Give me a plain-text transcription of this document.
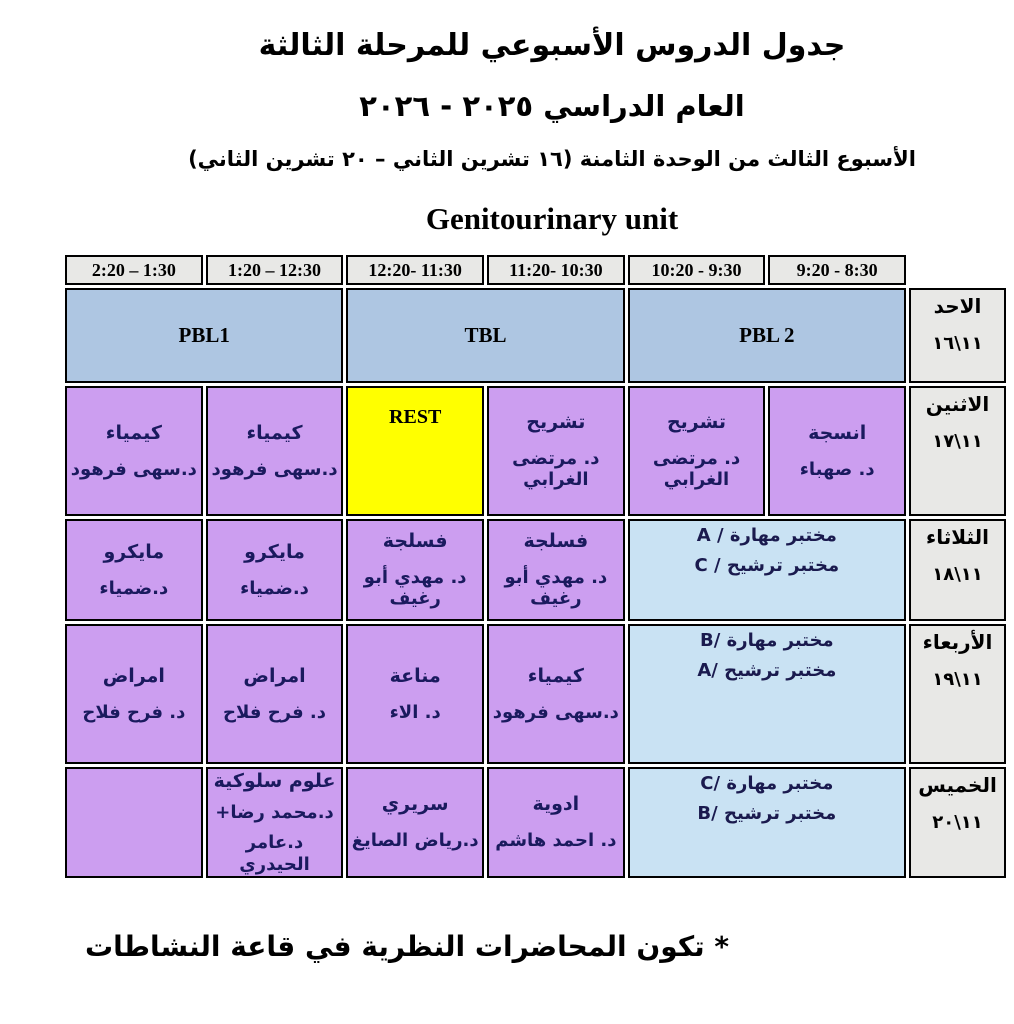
جدول الدروس الأسبوعي للمرحلة الثالثة
العام الدراسي ٢٠٢٥ - ٢٠٢٦
الأسبوع الثالث من الوحدة الثامنة (١٦ تشرين الثاني – ٢٠ تشرين الثاني)
Genitourinary unit
9:20 - 8:30
10:20 - 9:30
11:20- 10:30
12:20- 11:30
1:20 – 12:30
2:20 – 1:30
الاحد
١١\١٦
PBL 2
TBL
PBL1
الاثنين
١١\١٧
انسجة
د. صهباء
تشريح
د. مرتضى الغرابي
تشريح
د. مرتضى الغرابي
REST
كيمياء
د.سهى فرهود
كيمياء
د.سهى فرهود
الثلاثاء
١١\١٨
مختبر مهارة / A
مختبر ترشيح / C
فسلجة
د. مهدي أبو رغيف
فسلجة
د. مهدي أبو رغيف
مايكرو
د.ضمياء
مايكرو
د.ضمياء
الأربعاء
١١\١٩
مختبر مهارة /B
مختبر ترشيح /A
كيمياء
د.سهى فرهود
مناعة
د. الاء
امراض
د. فرح فلاح
امراض
د. فرح فلاح
الخميس
١١\٢٠
مختبر مهارة /C
مختبر ترشيح /B
ادوية
د. احمد هاشم
سريري
د.رياض الصايغ
علوم سلوكية
د.محمد رضا+
د.عامر الحيدري
* تكون المحاضرات النظرية في قاعة النشاطات
